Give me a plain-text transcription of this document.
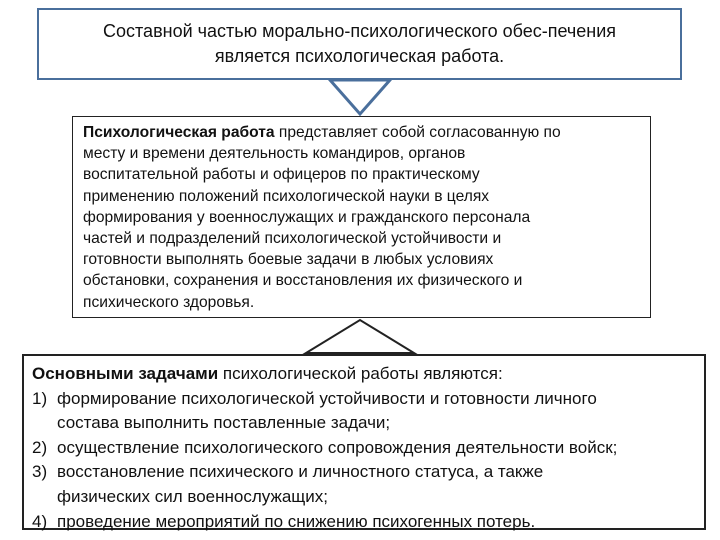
Составной частью морально-психологического обес-печения
является психологическая работа.
Психологическая работа представляет собой согласованную по
месту и времени деятельность командиров, органов
воспитательной работы и офицеров по практическому
применению положений психологической науки в целях
формирования у военнослужащих и гражданского персонала
частей и подразделений психологической устойчивости и
готовности выполнять боевые задачи в любых условиях
обстановки, сохранения и восстановления их физического и
психического здоровья.
Основными задачами психологической работы являются:
1) формирование психологической устойчивости и готовности личного
состава выполнить поставленные задачи;
2) осуществление психологического сопровождения деятельности войск;
3) восстановление психического и личностного статуса, а также
физических сил военнослужащих;
4) проведение мероприятий по снижению психогенных потерь.
